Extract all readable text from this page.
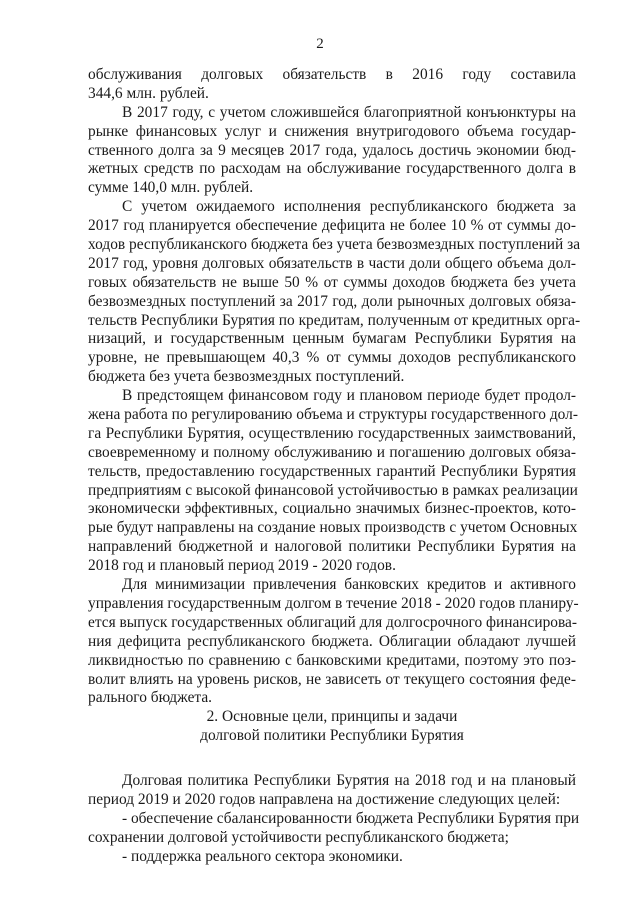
2
обслуживания долговых обязательств в 2016 году составила
344,6 млн. рублей.
В 2017 году, с учетом сложившейся благоприятной конъюнктуры на
рынке финансовых услуг и снижения внутригодового объема государ-
ственного долга за 9 месяцев 2017 года, удалось достичь экономии бюд-
жетных средств по расходам на обслуживание государственного долга в
сумме 140,0 млн. рублей.
С учетом ожидаемого исполнения республиканского бюджета за
2017 год планируется обеспечение дефицита не более 10 % от суммы до-
ходов республиканского бюджета без учета безвозмездных поступлений за
2017 год, уровня долговых обязательств в части доли общего объема дол-
говых обязательств не выше 50 % от суммы доходов бюджета без учета
безвозмездных поступлений за 2017 год, доли рыночных долговых обяза-
тельств Республики Бурятия по кредитам, полученным от кредитных орга-
низаций, и государственным ценным бумагам Республики Бурятия на
уровне, не превышающем 40,3 % от суммы доходов республиканского
бюджета без учета безвозмездных поступлений.
В предстоящем финансовом году и плановом периоде будет продол-
жена работа по регулированию объема и структуры государственного дол-
га Республики Бурятия, осуществлению государственных заимствований,
своевременному и полному обслуживанию и погашению долговых обяза-
тельств, предоставлению государственных гарантий Республики Бурятия
предприятиям с высокой финансовой устойчивостью в рамках реализации
экономически эффективных, социально значимых бизнес-проектов, кото-
рые будут направлены на создание новых производств с учетом Основных
направлений бюджетной и налоговой политики Республики Бурятия на
2018 год и плановый период 2019 - 2020 годов.
Для минимизации привлечения банковских кредитов и активного
управления государственным долгом в течение 2018 - 2020 годов планиру-
ется выпуск государственных облигаций для долгосрочного финансирова-
ния дефицита республиканского бюджета. Облигации обладают лучшей
ликвидностью по сравнению с банковскими кредитами, поэтому это поз-
волит влиять на уровень рисков, не зависеть от текущего состояния феде-
рального бюджета.
2. Основные цели, принципы и задачи
долговой политики Республики Бурятия
Долговая политика Республики Бурятия на 2018 год и на плановый
период 2019 и 2020 годов направлена на достижение следующих целей:
- обеспечение сбалансированности бюджета Республики Бурятия при
сохранении долговой устойчивости республиканского бюджета;
- поддержка реального сектора экономики.
